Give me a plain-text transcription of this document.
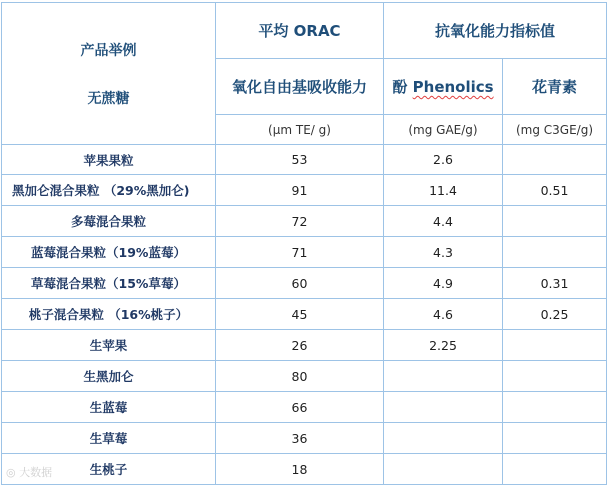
产品举例
无蔗糖	平均 ORAC	抗氧化能力指标值	
	氧化自由基吸收能力	酚 Phenolics	花青素
	(µm TE/ g)	(mg GAE/g)	(mg C3GE/g)
苹果果粒	53	2.6	
黑加仑混合果粒 （29%黑加仑)	91	11.4	0.51
多莓混合果粒	72	4.4	
蓝莓混合果粒（19%蓝莓）	71	4.3	
草莓混合果粒（15%草莓）	60	4.9	0.31
桃子混合果粒 （16%桃子）	45	4.6	0.25
生苹果	26	2.25	
生黑加仑	80		
生蓝莓	66		
生草莓	36		
生桃子	18		
◎ 大数据
